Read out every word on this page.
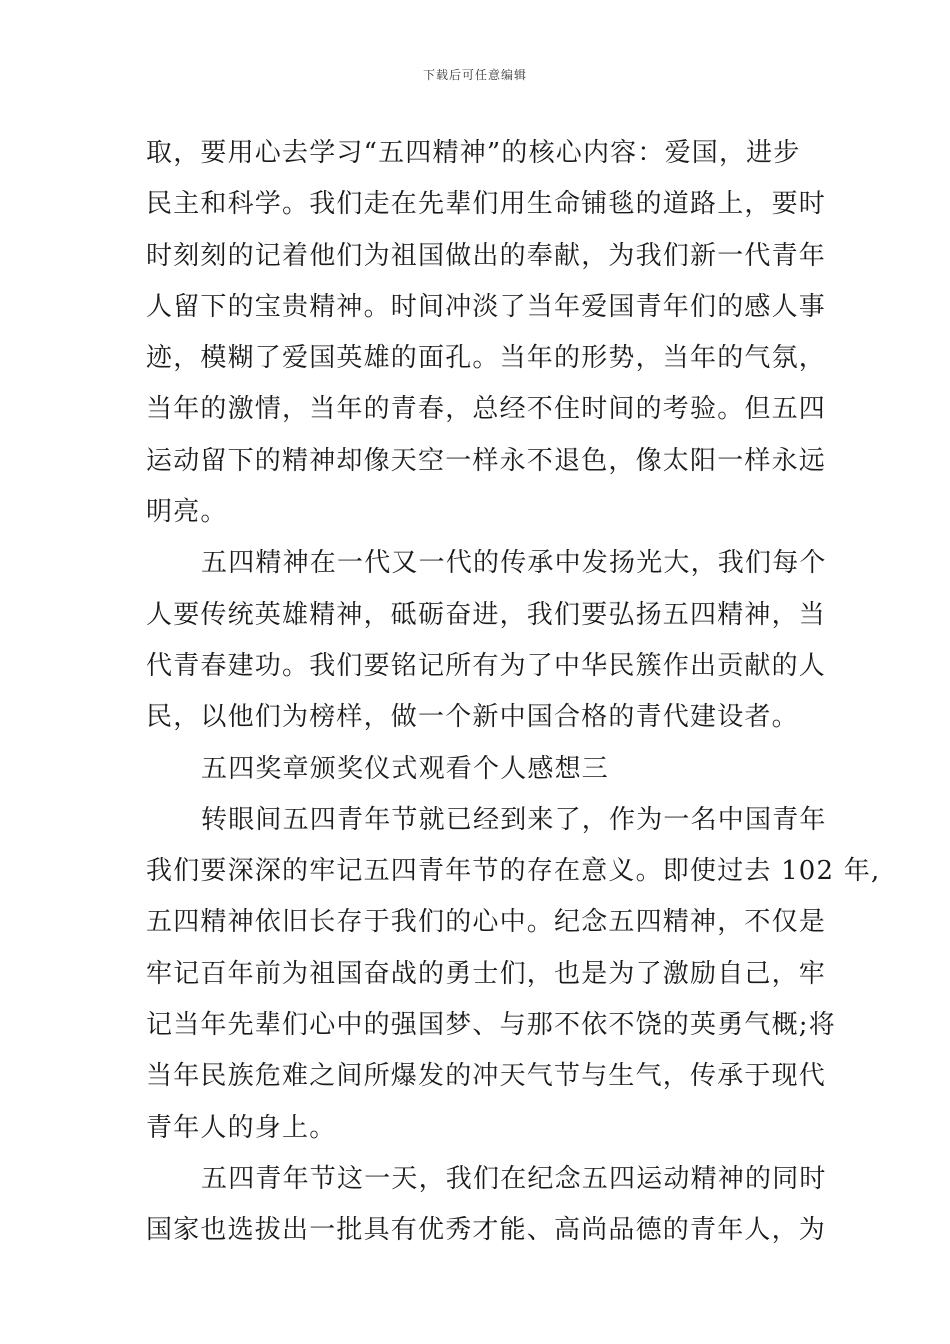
下载后可任意编辑
取，要用心去学习“五四精神”的核心内容：爱国，进步
民主和科学。我们走在先辈们用生命铺毯的道路上，要时
时刻刻的记着他们为祖国做出的奉献，为我们新一代青年
人留下的宝贵精神。时间冲淡了当年爱国青年们的感人事
迹，模糊了爱国英雄的面孔。当年的形势，当年的气氛，
当年的激情，当年的青春，总经不住时间的考验。但五四
运动留下的精神却像天空一样永不退色，像太阳一样永远
明亮。
五四精神在一代又一代的传承中发扬光大，我们每个
人要传统英雄精神，砥砺奋进，我们要弘扬五四精神，当
代青春建功。我们要铭记所有为了中华民簇作出贡献的人
民，以他们为榜样，做一个新中国合格的青代建设者。
五四奖章颁奖仪式观看个人感想三
转眼间五四青年节就已经到来了，作为一名中国青年
我们要深深的牢记五四青年节的存在意义。即使过去 102 年,
五四精神依旧长存于我们的心中。纪念五四精神，不仅是
牢记百年前为祖国奋战的勇士们，也是为了激励自己，牢
记当年先辈们心中的强国梦、与那不依不饶的英勇气概;将
当年民族危难之间所爆发的冲天气节与生气，传承于现代
青年人的身上。
五四青年节这一天，我们在纪念五四运动精神的同时
国家也选拔出一批具有优秀才能、高尚品德的青年人，为
